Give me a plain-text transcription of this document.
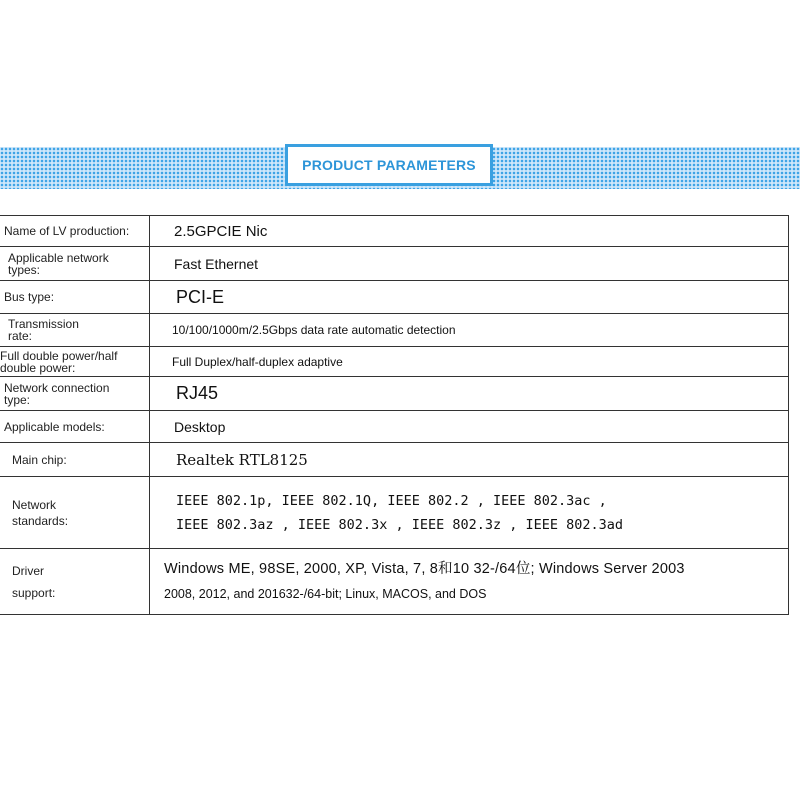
PRODUCT PARAMETERS
Name of LV production:	2.5GPCIE Nic

Applicable network
types:	Fast Ethernet

Bus type:	PCI-E

Transmission
rate:	10/100/1000m/2.5Gbps data rate automatic detection

Full double power/half
double power:	Full Duplex/half-duplex adaptive

Network connection
type:	RJ45

Applicable models:	Desktop

Main chip:	Realtek RTL8125

Network
standards:	IEEE 802.1p, IEEE 802.1Q, IEEE 802.2 , IEEE 802.3ac ,
IEEE 802.3az , IEEE 802.3x , IEEE 802.3z , IEEE 802.3ad

Driver
support:	Windows ME, 98SE, 2000, XP, Vista, 7, 8和10 32-/64位; Windows Server 2003
2008, 2012, and 201632-/64-bit; Linux, MACOS, and DOS
